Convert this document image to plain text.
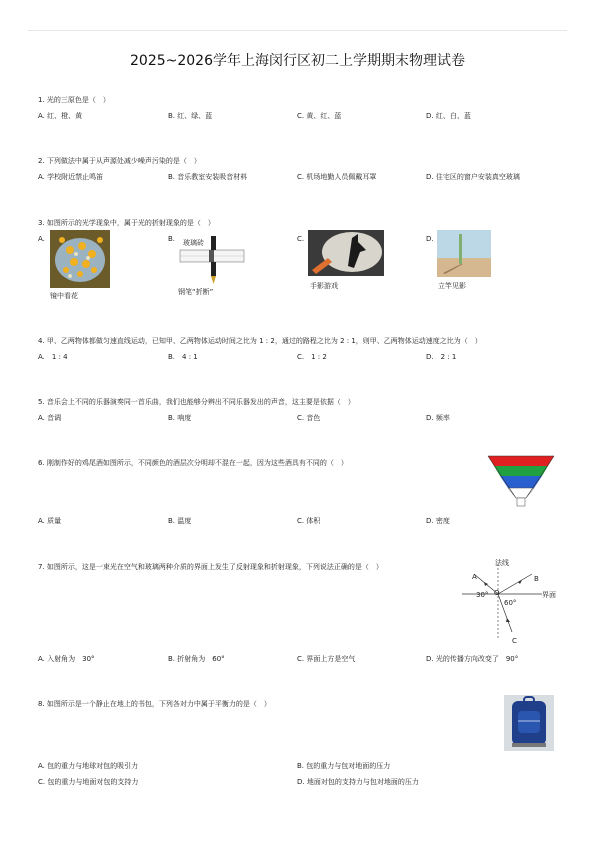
2025~2026学年上海闵行区初二上学期期末物理试卷
1. 光的三原色是（　）
A. 红、橙、黄	B. 红、绿、蓝	C. 黄、红、蓝	D. 红、白、蓝
2. 下列做法中属于从声源处减少噪声污染的是（　）
A. 学校附近禁止鸣笛	B. 音乐教室安装吸音材料	C. 机场地勤人员佩戴耳罩	D. 住宅区的窗户安装真空玻璃
3. 如图所示的光学现象中，属于光的折射现象的是（　）
A.	B.	C.	D.
镜中看花
玻璃砖
钢笔“折断”
手影游戏	立竿见影
4. 甲、乙两物体都做匀速直线运动，已知甲、乙两物体运动时间之比为 1 : 2，通过的路程之比为 2 : 1，则甲、乙两物体运动速度之比为（　）
A.　1 : 4	B.　4 : 1	C.　1 : 2	D.　2 : 1
5. 音乐会上不同的乐器演奏同一首乐曲，我们也能够分辨出不同乐器发出的声音，这主要是依据（　）
A. 音调	B. 响度	C. 音色	D. 频率
6. 刚制作好的鸡尾酒如图所示，不同颜色的酒层次分明却不混在一起，因为这些酒具有不同的（　）
A. 质量	B. 温度	C. 体积	D. 密度
7. 如图所示，这是一束光在空气和玻璃两种介质的界面上发生了反射现象和折射现象，下列说法正确的是（　）	法线
A	B
O
30°
60°
界面
C
A. 入射角为　30°	B. 折射角为　60°	C. 界面上方是空气	D. 光的传播方向改变了　90°
8. 如图所示是一个静止在地上的书包，下列各对力中属于平衡力的是（　）
A. 包的重力与地球对包的吸引力	B. 包的重力与包对地面的压力
C. 包的重力与地面对包的支持力	D. 地面对包的支持力与包对地面的压力
